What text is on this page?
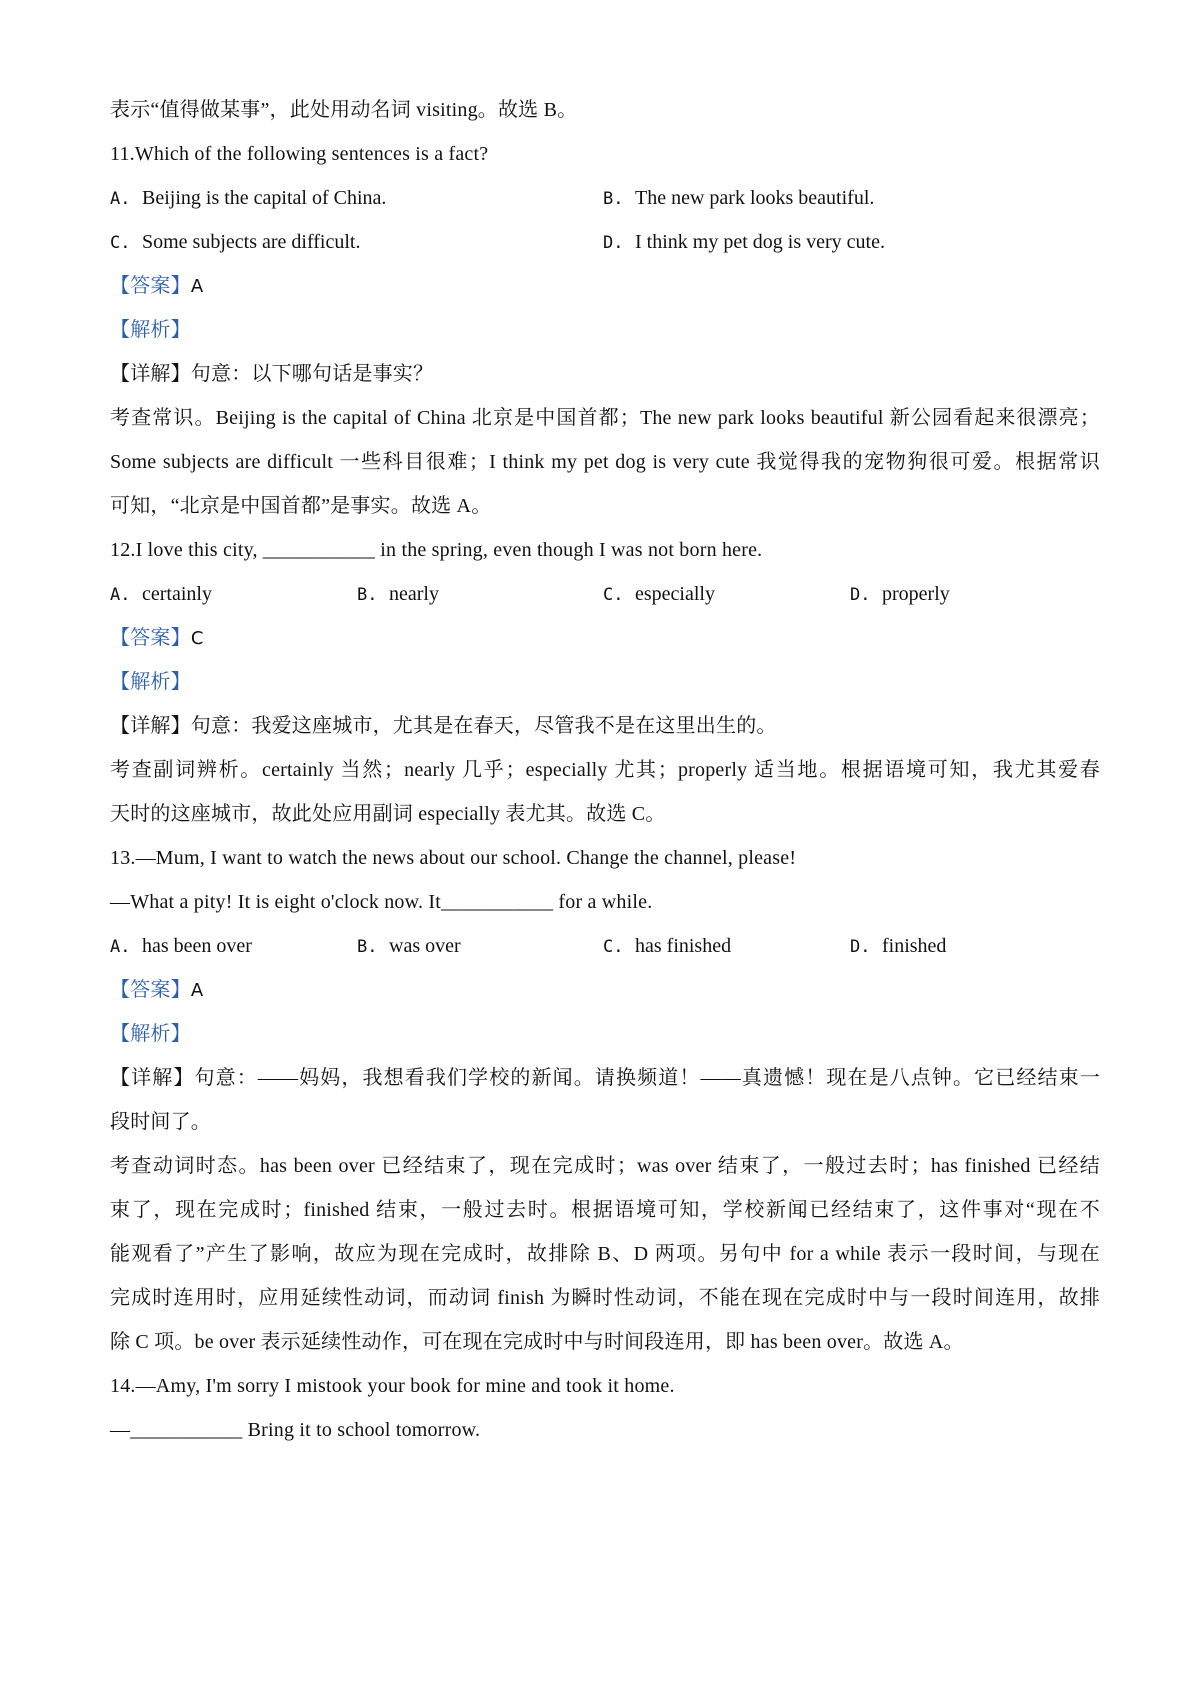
表示“值得做某事”，此处用动名词 visiting。故选 B。
11.Which of the following sentences is a fact?
A. Beijing is the capital of China.	B. The new park looks beautiful.
C. Some subjects are difficult.	D. I think my pet dog is very cute.
【答案】A
【解析】
【详解】句意：以下哪句话是事实？
考查常识。Beijing is the capital of China 北京是中国首都；The new park looks beautiful 新公园看起来很漂亮；
Some subjects are difficult 一些科目很难；I think my pet dog is very cute 我觉得我的宠物狗很可爱。根据常识
可知，“北京是中国首都”是事实。故选 A。
12.I love this city, ___________ in the spring, even though I was not born here.
A. certainly	B. nearly	C. especially	D. properly
【答案】C
【解析】
【详解】句意：我爱这座城市，尤其是在春天，尽管我不是在这里出生的。
考查副词辨析。certainly 当然；nearly 几乎；especially 尤其；properly 适当地。根据语境可知，我尤其爱春
天时的这座城市，故此处应用副词 especially 表尤其。故选 C。
13.—Mum, I want to watch the news about our school. Change the channel, please!
—What a pity! It is eight o'clock now. It___________ for a while.
A. has been over	B. was over	C. has finished	D. finished
【答案】A
【解析】
【详解】句意：——妈妈，我想看我们学校的新闻。请换频道！——真遗憾！现在是八点钟。它已经结束一
段时间了。
考查动词时态。has been over 已经结束了，现在完成时；was over 结束了，一般过去时；has finished 已经结
束了，现在完成时；finished 结束，一般过去时。根据语境可知，学校新闻已经结束了，这件事对“现在不
能观看了”产生了影响，故应为现在完成时，故排除 B、D 两项。另句中 for a while 表示一段时间，与现在
完成时连用时，应用延续性动词，而动词 finish 为瞬时性动词，不能在现在完成时中与一段时间连用，故排
除 C 项。be over 表示延续性动作，可在现在完成时中与时间段连用，即 has been over。故选 A。
14.—Amy, I'm sorry I mistook your book for mine and took it home.
—___________ Bring it to school tomorrow.
